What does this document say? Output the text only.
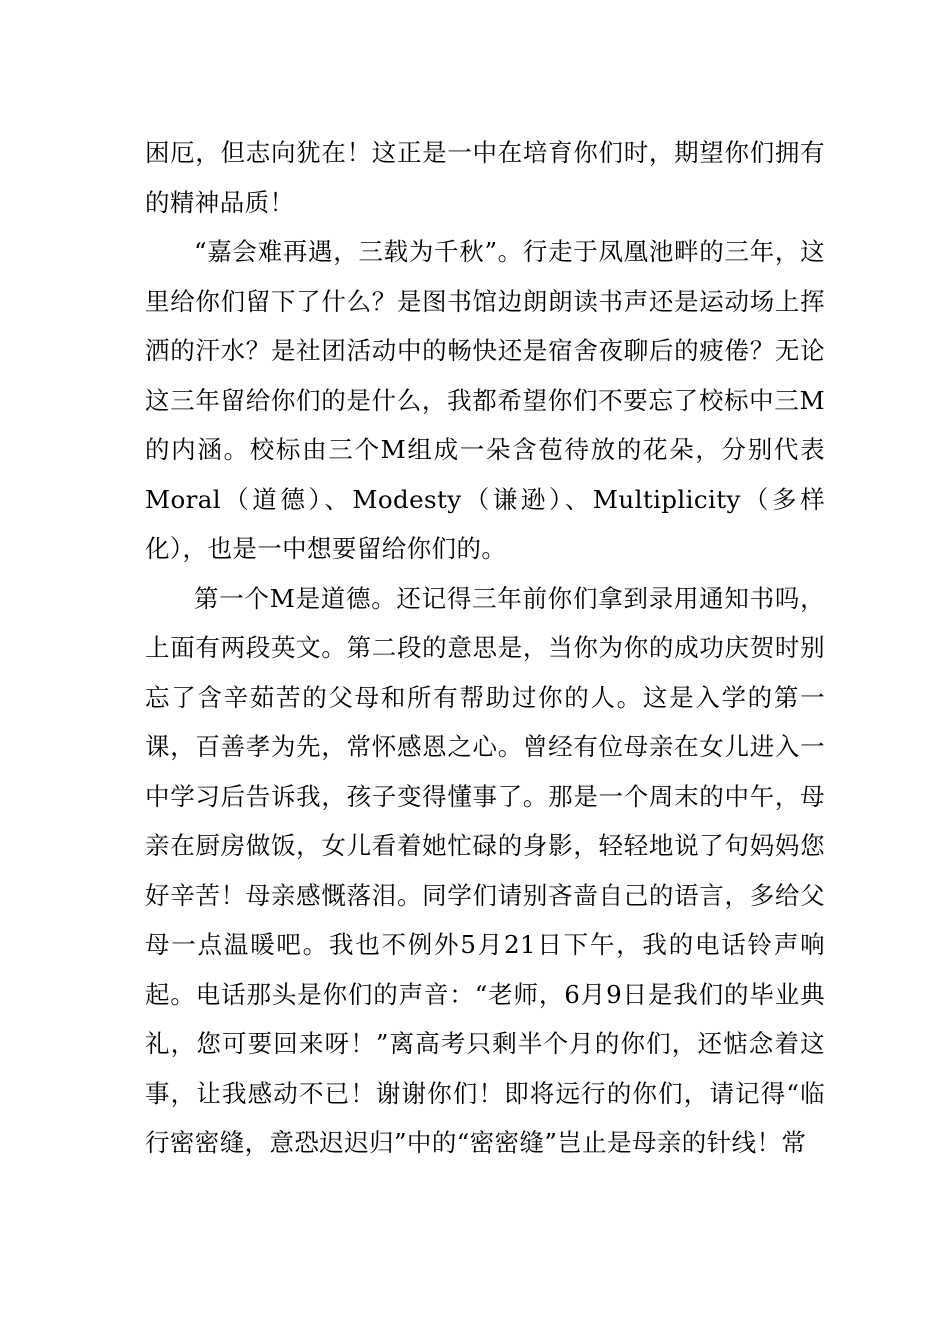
困厄，但志向犹在！这正是一中在培育你们时，期望你们拥有的精神品质！

“嘉会难再遇，三载为千秋”。行走于凤凰池畔的三年，这里给你们留下了什么？是图书馆边朗朗读书声还是运动场上挥洒的汗水？是社团活动中的畅快还是宿舍夜聊后的疲倦？无论这三年留给你们的是什么，我都希望你们不要忘了校标中三M的内涵。校标由三个M组成一朵含苞待放的花朵，分别代表Moral（道德）、Modesty（谦逊）、Multiplicity（多样化），也是一中想要留给你们的。

第一个M是道德。还记得三年前你们拿到录用通知书吗，上面有两段英文。第二段的意思是，当你为你的成功庆贺时别忘了含辛茹苦的父母和所有帮助过你的人。这是入学的第一课，百善孝为先，常怀感恩之心。曾经有位母亲在女儿进入一中学习后告诉我，孩子变得懂事了。那是一个周末的中午，母亲在厨房做饭，女儿看着她忙碌的身影，轻轻地说了句妈妈您好辛苦！母亲感慨落泪。同学们请别吝啬自己的语言，多给父母一点温暖吧。我也不例外5月21日下午，我的电话铃声响起。电话那头是你们的声音：“老师，6月9日是我们的毕业典礼，您可要回来呀！”离高考只剩半个月的你们，还惦念着这事，让我感动不已！谢谢你们！即将远行的你们，请记得“临行密密缝，意恐迟迟归”中的“密密缝”岂止是母亲的针线！常
